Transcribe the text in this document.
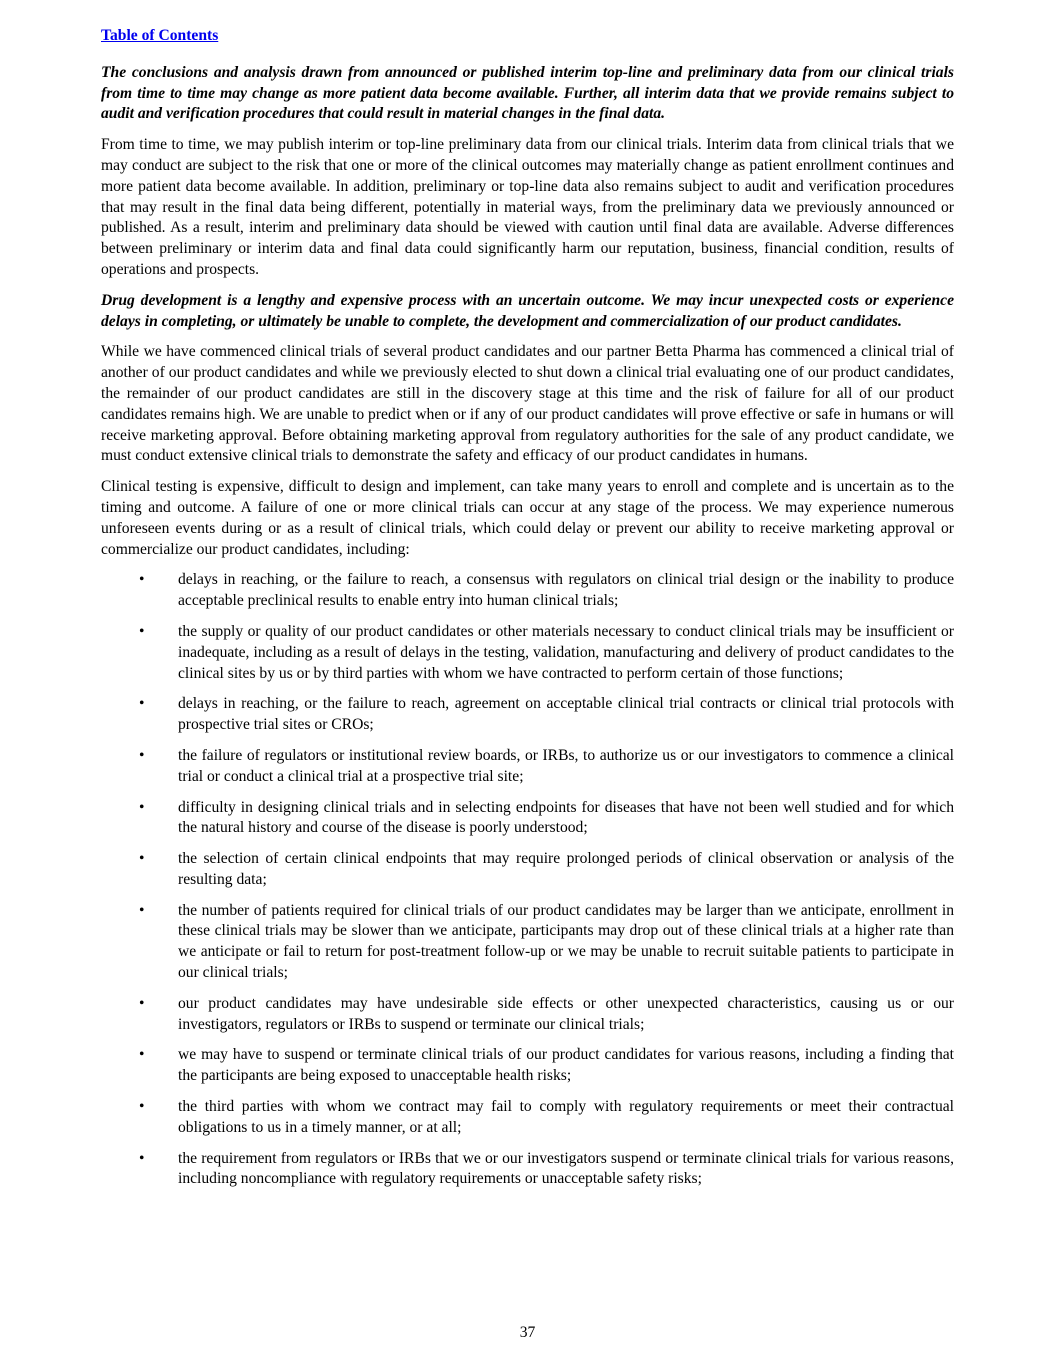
Table of Contents

The conclusions and analysis drawn from announced or published interim top-line and preliminary data from our clinical trials from time to time may change as more patient data become available. Further, all interim data that we provide remains subject to audit and verification procedures that could result in material changes in the final data.

From time to time, we may publish interim or top-line preliminary data from our clinical trials. Interim data from clinical trials that we may conduct are subject to the risk that one or more of the clinical outcomes may materially change as patient enrollment continues and more patient data become available. In addition, preliminary or top-line data also remains subject to audit and verification procedures that may result in the final data being different, potentially in material ways, from the preliminary data we previously announced or published. As a result, interim and preliminary data should be viewed with caution until final data are available. Adverse differences between preliminary or interim data and final data could significantly harm our reputation, business, financial condition, results of operations and prospects.

Drug development is a lengthy and expensive process with an uncertain outcome. We may incur unexpected costs or experience delays in completing, or ultimately be unable to complete, the development and commercialization of our product candidates.

While we have commenced clinical trials of several product candidates and our partner Betta Pharma has commenced a clinical trial of another of our product candidates and while we previously elected to shut down a clinical trial evaluating one of our product candidates, the remainder of our product candidates are still in the discovery stage at this time and the risk of failure for all of our product candidates remains high. We are unable to predict when or if any of our product candidates will prove effective or safe in humans or will receive marketing approval. Before obtaining marketing approval from regulatory authorities for the sale of any product candidate, we must conduct extensive clinical trials to demonstrate the safety and efficacy of our product candidates in humans.

Clinical testing is expensive, difficult to design and implement, can take many years to enroll and complete and is uncertain as to the timing and outcome. A failure of one or more clinical trials can occur at any stage of the process. We may experience numerous unforeseen events during or as a result of clinical trials, which could delay or prevent our ability to receive marketing approval or commercialize our product candidates, including:

• delays in reaching, or the failure to reach, a consensus with regulators on clinical trial design or the inability to produce acceptable preclinical results to enable entry into human clinical trials;
• the supply or quality of our product candidates or other materials necessary to conduct clinical trials may be insufficient or inadequate, including as a result of delays in the testing, validation, manufacturing and delivery of product candidates to the clinical sites by us or by third parties with whom we have contracted to perform certain of those functions;
• delays in reaching, or the failure to reach, agreement on acceptable clinical trial contracts or clinical trial protocols with prospective trial sites or CROs;
• the failure of regulators or institutional review boards, or IRBs, to authorize us or our investigators to commence a clinical trial or conduct a clinical trial at a prospective trial site;
• difficulty in designing clinical trials and in selecting endpoints for diseases that have not been well studied and for which the natural history and course of the disease is poorly understood;
• the selection of certain clinical endpoints that may require prolonged periods of clinical observation or analysis of the resulting data;
• the number of patients required for clinical trials of our product candidates may be larger than we anticipate, enrollment in these clinical trials may be slower than we anticipate, participants may drop out of these clinical trials at a higher rate than we anticipate or fail to return for post-treatment follow-up or we may be unable to recruit suitable patients to participate in our clinical trials;
• our product candidates may have undesirable side effects or other unexpected characteristics, causing us or our investigators, regulators or IRBs to suspend or terminate our clinical trials;
• we may have to suspend or terminate clinical trials of our product candidates for various reasons, including a finding that the participants are being exposed to unacceptable health risks;
• the third parties with whom we contract may fail to comply with regulatory requirements or meet their contractual obligations to us in a timely manner, or at all;
• the requirement from regulators or IRBs that we or our investigators suspend or terminate clinical trials for various reasons, including noncompliance with regulatory requirements or unacceptable safety risks;
37
